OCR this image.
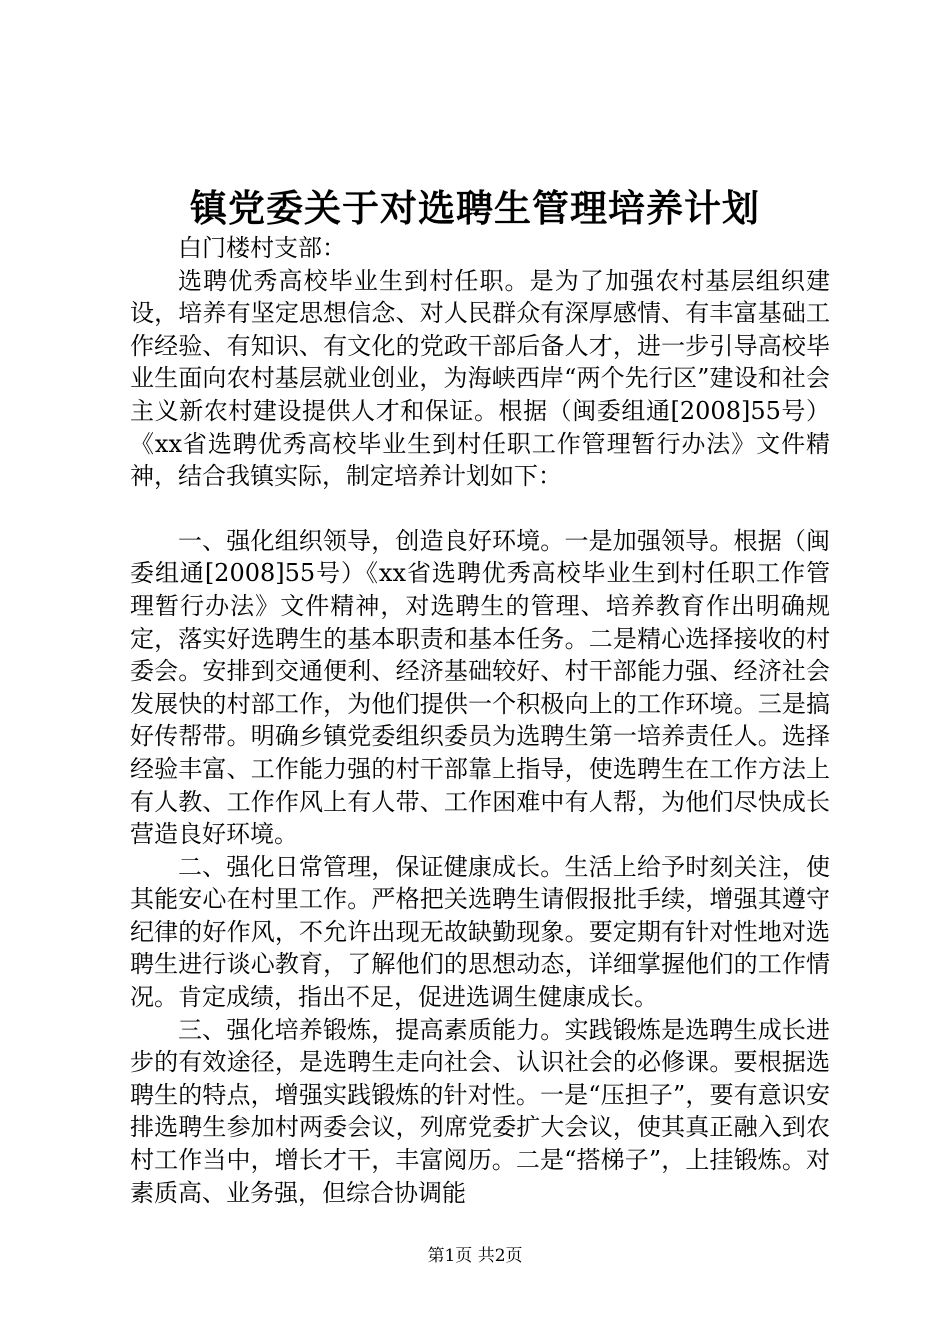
镇党委关于对选聘生管理培养计划

白门楼村支部：

选聘优秀高校毕业生到村任职。是为了加强农村基层组织建设，培养有坚定思想信念、对人民群众有深厚感情、有丰富基础工作经验、有知识、有文化的党政干部后备人才，进一步引导高校毕业生面向农村基层就业创业，为海峡西岸“两个先行区”建设和社会主义新农村建设提供人才和保证。根据（闽委组通[2008]55号）《xx省选聘优秀高校毕业生到村任职工作管理暂行办法》文件精神，结合我镇实际，制定培养计划如下：

一、强化组织领导，创造良好环境。一是加强领导。根据（闽委组通[2008]55号）《xx省选聘优秀高校毕业生到村任职工作管理暂行办法》文件精神，对选聘生的管理、培养教育作出明确规定，落实好选聘生的基本职责和基本任务。二是精心选择接收的村委会。安排到交通便利、经济基础较好、村干部能力强、经济社会发展快的村部工作，为他们提供一个积极向上的工作环境。三是搞好传帮带。明确乡镇党委组织委员为选聘生第一培养责任人。选择经验丰富、工作能力强的村干部靠上指导，使选聘生在工作方法上有人教、工作作风上有人带、工作困难中有人帮，为他们尽快成长营造良好环境。

二、强化日常管理，保证健康成长。生活上给予时刻关注，使其能安心在村里工作。严格把关选聘生请假报批手续，增强其遵守纪律的好作风，不允许出现无故缺勤现象。要定期有针对性地对选聘生进行谈心教育，了解他们的思想动态，详细掌握他们的工作情况。肯定成绩，指出不足，促进选调生健康成长。

三、强化培养锻炼，提高素质能力。实践锻炼是选聘生成长进步的有效途径，是选聘生走向社会、认识社会的必修课。要根据选聘生的特点，增强实践锻炼的针对性。一是“压担子”，要有意识安排选聘生参加村两委会议，列席党委扩大会议，使其真正融入到农村工作当中，增长才干，丰富阅历。二是“搭梯子”，上挂锻炼。对素质高、业务强，但综合协调能

第1页 共2页
